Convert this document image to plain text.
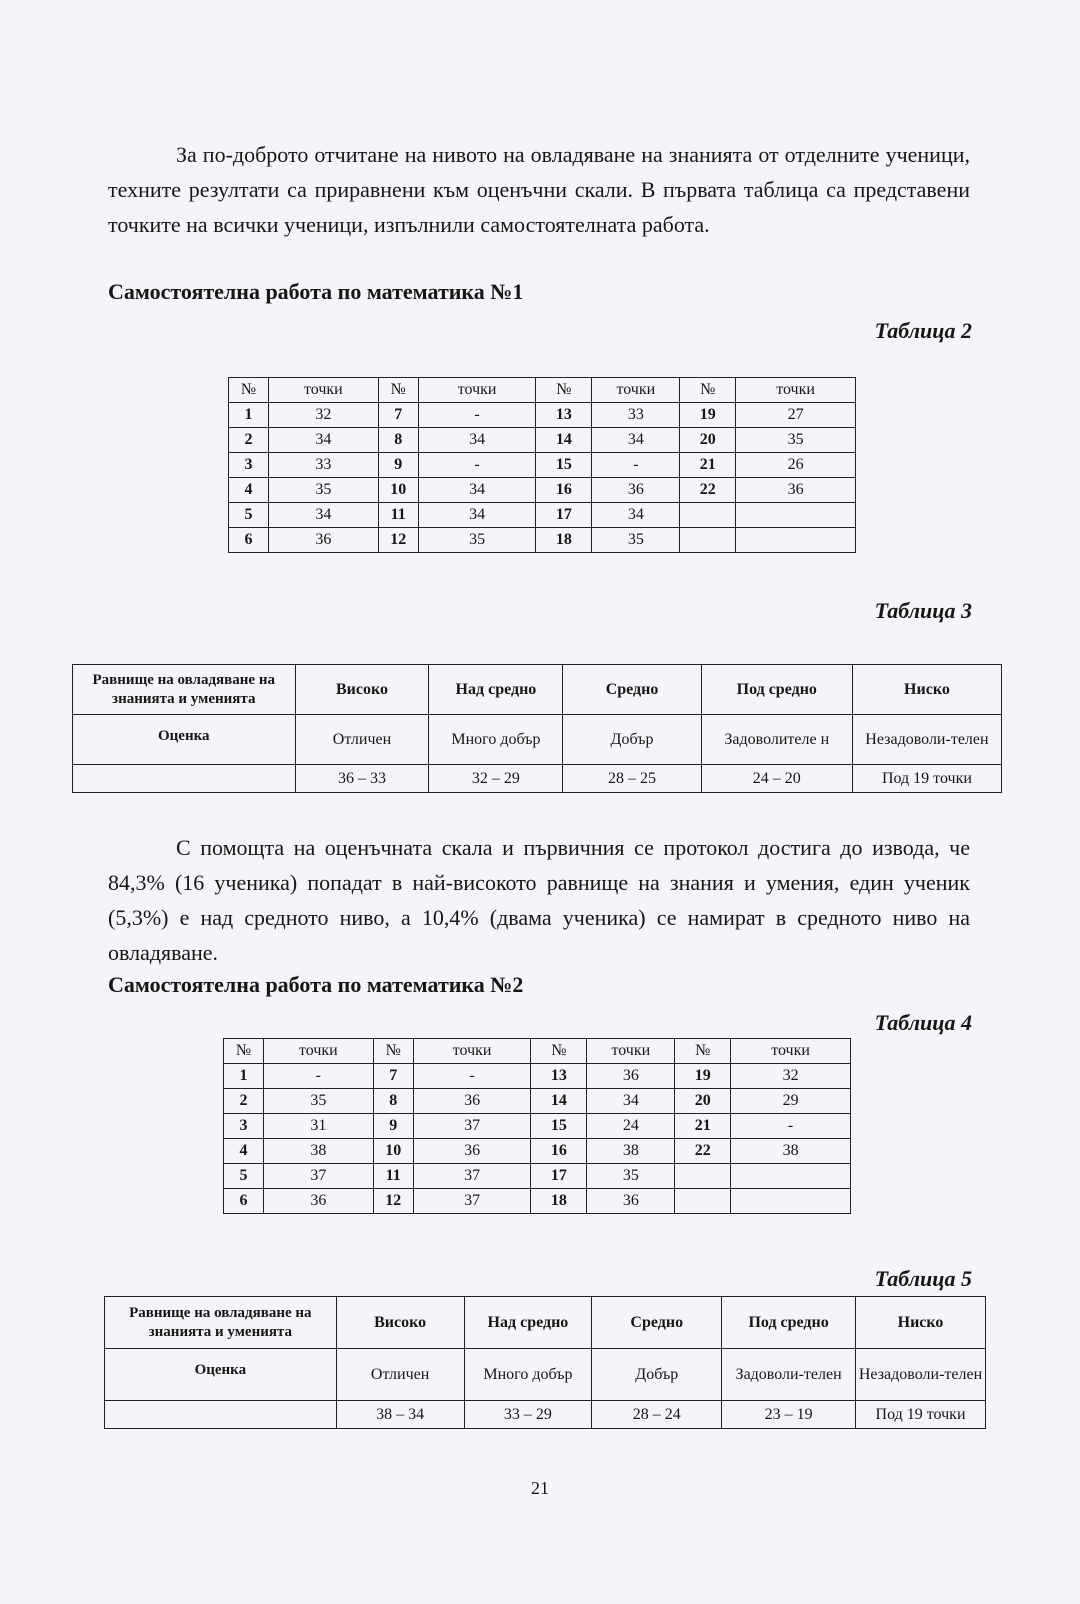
За по-доброто отчитане на нивото на овладяване на знанията от отделните ученици, техните резултати са приравнени към оценъчни скали. В първата таблица са представени точките на всички ученици, изпълнили самостоятелната работа.

Самостоятелна работа по математика №1
Таблица 2
№	точки	№	точки	№	точки	№	точки
1	32	7	-	13	33	19	27
2	34	8	34	14	34	20	35
3	33	9	-	15	-	21	26
4	35	10	34	16	36	22	36
5	34	11	34	17	34		
6	36	12	35	18	35		
Таблица 3
Равнище на овладяване на знанията и уменията	Високо	Над средно	Средно	Под средно	Ниско
Оценка	Отличен	Много добър	Добър	Задоволителе н	Незадоволи-телен
	36 – 33	32 – 29	28 – 25	24 – 20	Под 19 точки

С помощта на оценъчната скала и първичния се протокол достига до извода, че 84,3% (16 ученика) попадат в най-високото равнище на знания и умения, един ученик (5,3%) е над средното ниво, а 10,4% (двама ученика) се намират в средното ниво на овладяване.

Самостоятелна работа по математика №2
Таблица 4
№	точки	№	точки	№	точки	№	точки
1	-	7	-	13	36	19	32
2	35	8	36	14	34	20	29
3	31	9	37	15	24	21	-
4	38	10	36	16	38	22	38
5	37	11	37	17	35		
6	36	12	37	18	36		
Таблица 5
Равнище на овладяване на знанията и уменията	Високо	Над средно	Средно	Под средно	Ниско
Оценка	Отличен	Много добър	Добър	Задоволи-телен	Незадоволи-телен
	38 – 34	33 – 29	28 – 24	23 – 19	Под 19 точки
21
